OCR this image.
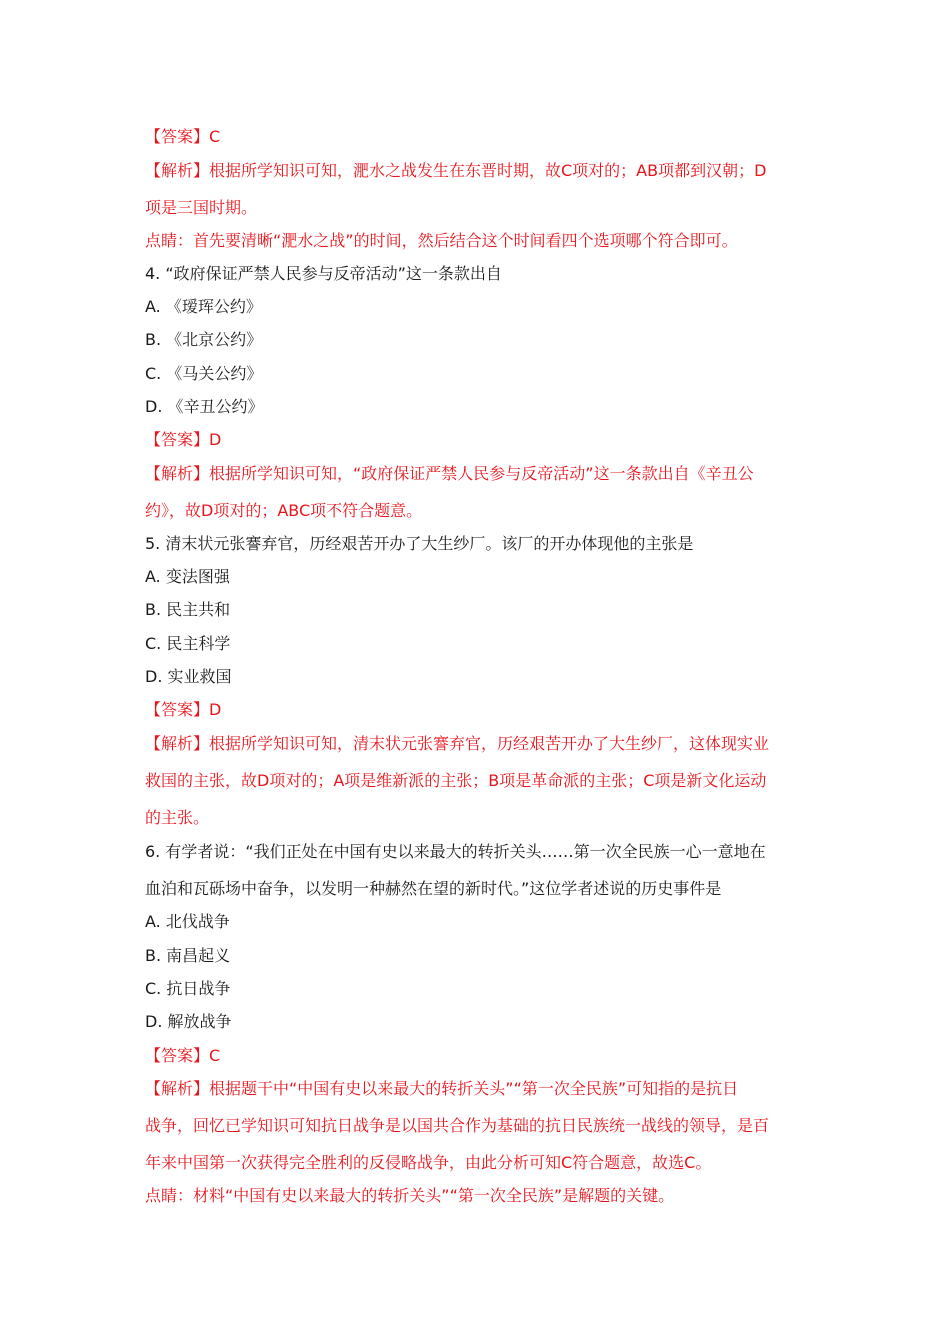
【答案】C
【解析】根据所学知识可知，淝水之战发生在东晋时期，故C项对的；AB项都到汉朝；D
项是三国时期。
点睛：首先要清晰“淝水之战”的时间，然后结合这个时间看四个选项哪个符合即可。
4. “政府保证严禁人民参与反帝活动”这一条款出自
A. 《瑷珲公约》
B. 《北京公约》
C. 《马关公约》
D. 《辛丑公约》
【答案】D
【解析】根据所学知识可知，“政府保证严禁人民参与反帝活动”这一条款出自《辛丑公
约》，故D项对的；ABC项不符合题意。
5. 清末状元张謇弃官，历经艰苦开办了大生纱厂。该厂的开办体现他的主张是
A. 变法图强
B. 民主共和
C. 民主科学
D. 实业救国
【答案】D
【解析】根据所学知识可知，清末状元张謇弃官，历经艰苦开办了大生纱厂，这体现实业
救国的主张，故D项对的；A项是维新派的主张；B项是革命派的主张；C项是新文化运动
的主张。
6. 有学者说：“我们正处在中国有史以来最大的转折关头……第一次全民族一心一意地在
血泊和瓦砾场中奋争，以发明一种赫然在望的新时代。”这位学者述说的历史事件是
A. 北伐战争
B. 南昌起义
C. 抗日战争
D. 解放战争
【答案】C
【解析】根据题干中“中国有史以来最大的转折关头”“第一次全民族”可知指的是抗日
战争，回忆已学知识可知抗日战争是以国共合作为基础的抗日民族统一战线的领导，是百
年来中国第一次获得完全胜利的反侵略战争，由此分析可知C符合题意，故选C。
点睛：材料“中国有史以来最大的转折关头”“第一次全民族”是解题的关键。
